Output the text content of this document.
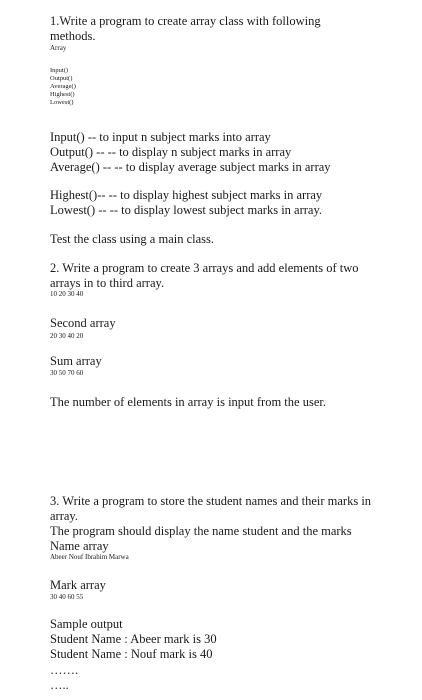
1.Write a program to create array class with following
methods.
Array
Input()
Output()
Average()
Highest()
Lowest()
Input() -- to input n subject marks into array
Output() -- -- to display n subject marks in array
Average() -- -- to display average subject marks in array
Highest()-- -- to display highest subject marks in array
Lowest() -- -- to display lowest subject marks in array.
Test the class using a main class.
2. Write a program to create 3 arrays and add elements of two
arrays in to third array.
10 20 30 40
Second array
20 30 40 20
Sum array
30 50 70 60
The number of elements in array is input from the user.
3. Write a program to store the student names and their marks in
array.
The program should display the name student and the marks
Name array
Abeer Nouf Ibrahim Marwa
Mark array
30 40 60 55
Sample output
Student Name : Abeer mark is 30
Student Name : Nouf mark is 40
…….
…..
